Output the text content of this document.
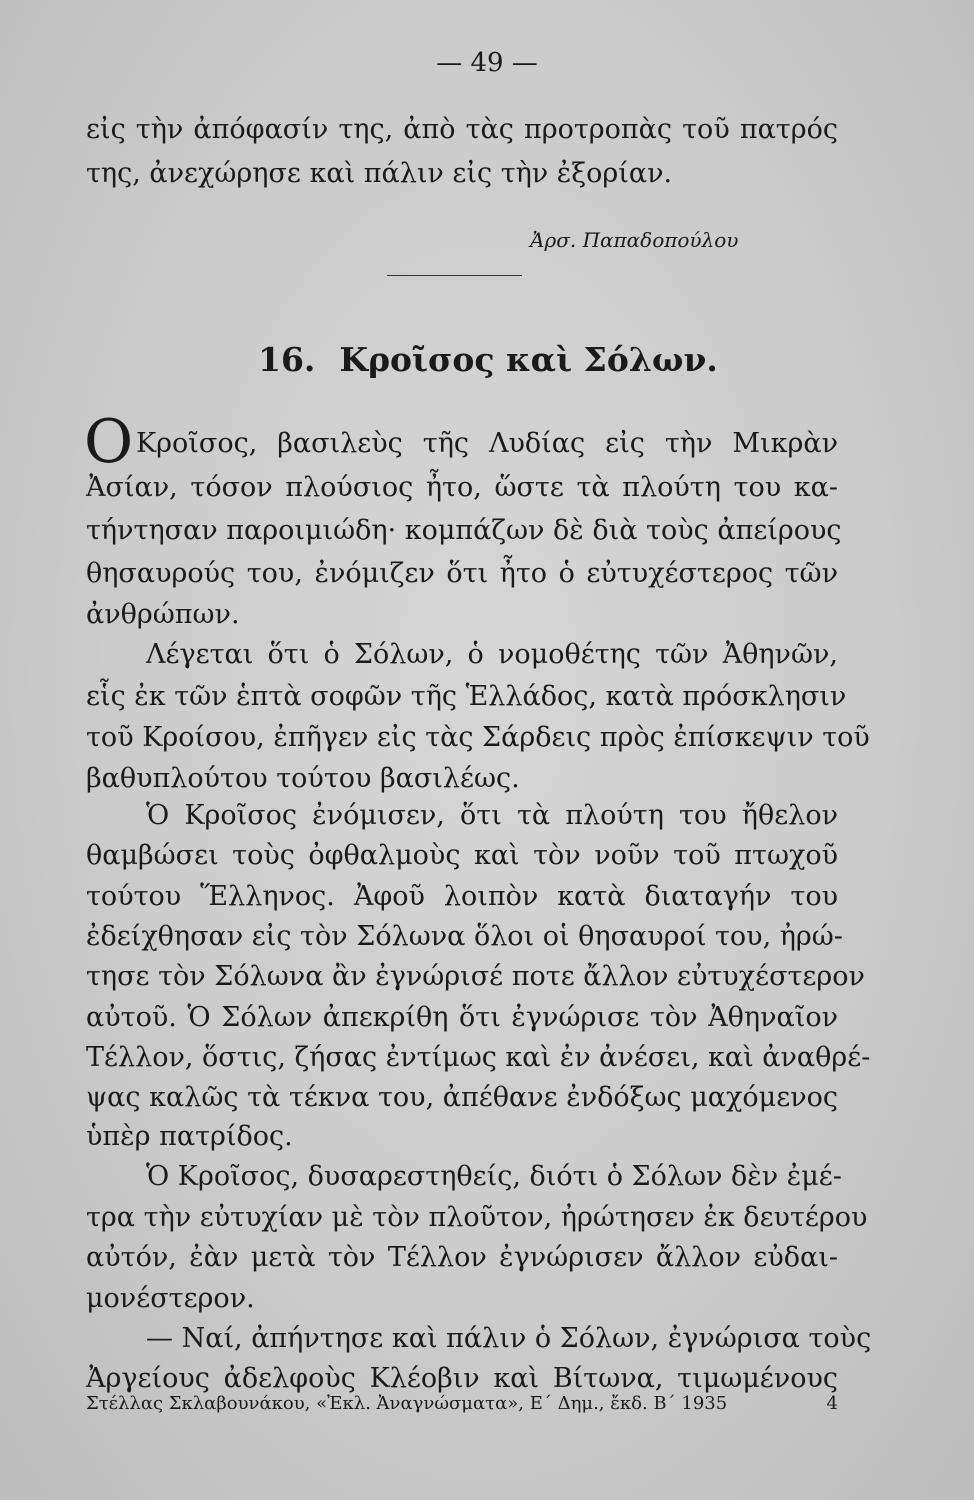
— 49 —
εἰς τὴν ἀπόφασίν της, ἀπὸ τὰς προτροπὰς τοῦ πατρός
της, ἀνεχώρησε καὶ πάλιν εἰς τὴν ἐξορίαν.
Ἀρσ. Παπαδοπούλου
16. Κροῖσος καὶ Σόλων.
Ο Κροῖσος, βασιλεὺς τῆς Λυδίας εἰς τὴν Μικρὰν
Ἀσίαν, τόσον πλούσιος ἦτο, ὥστε τὰ πλούτη του κα-
τήντησαν παροιμιώδη· κομπάζων δὲ διὰ τοὺς ἀπείρους
θησαυρούς του, ἐνόμιζεν ὅτι ἦτο ὁ εὐτυχέστερος τῶν
ἀνθρώπων.
Λέγεται ὅτι ὁ Σόλων, ὁ νομοθέτης τῶν Ἀθηνῶν,
εἷς ἐκ τῶν ἑπτὰ σοφῶν τῆς Ἑλλάδος, κατὰ πρόσκλησιν
τοῦ Κροίσου, ἐπῆγεν εἰς τὰς Σάρδεις πρὸς ἐπίσκεψιν τοῦ
βαθυπλούτου τούτου βασιλέως.
Ὁ Κροῖσος ἐνόμισεν, ὅτι τὰ πλούτη του ἤθελον
θαμβώσει τοὺς ὀφθαλμοὺς καὶ τὸν νοῦν τοῦ πτωχοῦ
τούτου Ἕλληνος. Ἀφοῦ λοιπὸν κατὰ διαταγήν του
ἐδείχθησαν εἰς τὸν Σόλωνα ὅλοι οἱ θησαυροί του, ἠρώ-
τησε τὸν Σόλωνα ἂν ἐγνώρισέ ποτε ἄλλον εὐτυχέστερον
αὐτοῦ. Ὁ Σόλων ἀπεκρίθη ὅτι ἐγνώρισε τὸν Ἀθηναῖον
Τέλλον, ὅστις, ζήσας ἐντίμως καὶ ἐν ἀνέσει, καὶ ἀναθρέ-
ψας καλῶς τὰ τέκνα του, ἀπέθανε ἐνδόξως μαχόμενος
ὑπὲρ πατρίδος.
Ὁ Κροῖσος, δυσαρεστηθείς, διότι ὁ Σόλων δὲν ἐμέ-
τρα τὴν εὐτυχίαν μὲ τὸν πλοῦτον, ἠρώτησεν ἐκ δευτέρου
αὐτόν, ἐὰν μετὰ τὸν Τέλλον ἐγνώρισεν ἄλλον εὐδαι-
μονέστερον.
— Ναί, ἀπήντησε καὶ πάλιν ὁ Σόλων, ἐγνώρισα τοὺς
Ἀργείους ἀδελφοὺς Κλέοβιν καὶ Βίτωνα, τιμωμένους
Στέλλας Σκλαβουνάκου, «Ἐκλ. Ἀναγνώσματα», Ε΄ Δημ., ἔκδ. Β΄ 1935	4
